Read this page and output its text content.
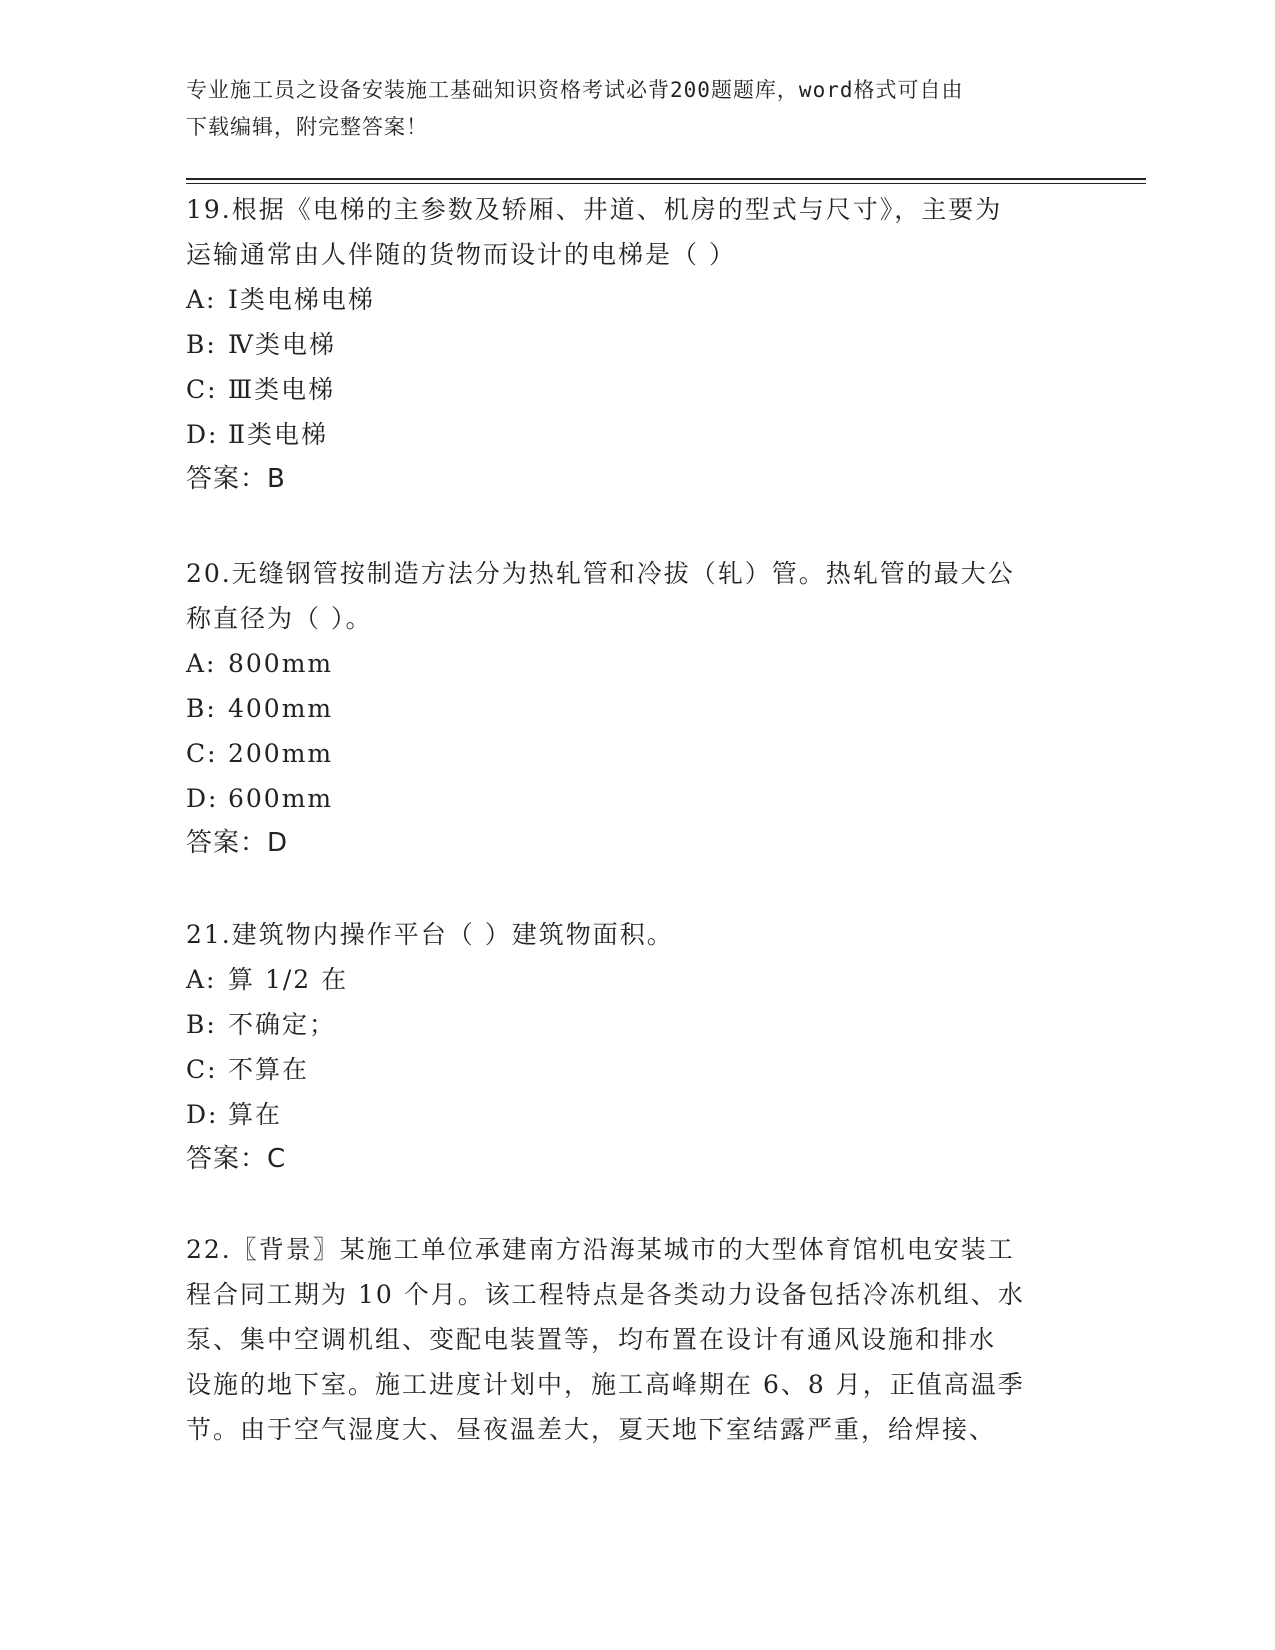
专业施工员之设备安装施工基础知识资格考试必背200题题库，word格式可自由
下载编辑，附完整答案！

19.根据《电梯的主参数及轿厢、井道、机房的型式与尺寸》，主要为

运输通常由人伴随的货物而设计的电梯是（ ）

A: Ⅰ类电梯电梯

B: Ⅳ类电梯

C: Ⅲ类电梯

D: Ⅱ类电梯

答案：B

20.无缝钢管按制造方法分为热轧管和冷拔（轧）管。热轧管的最大公

称直径为（ ）。

A: 800mm

B: 400mm

C: 200mm

D: 600mm

答案：D

21.建筑物内操作平台（ ）建筑物面积。

A: 算 1/2 在

B: 不确定；

C: 不算在

D: 算在

答案：C

22.〖背景〗某施工单位承建南方沿海某城市的大型体育馆机电安装工

程合同工期为 10 个月。该工程特点是各类动力设备包括冷冻机组、水

泵、集中空调机组、变配电装置等，均布置在设计有通风设施和排水

设施的地下室。施工进度计划中，施工高峰期在 6、8 月，正值高温季

节。由于空气湿度大、昼夜温差大，夏天地下室结露严重，给焊接、
